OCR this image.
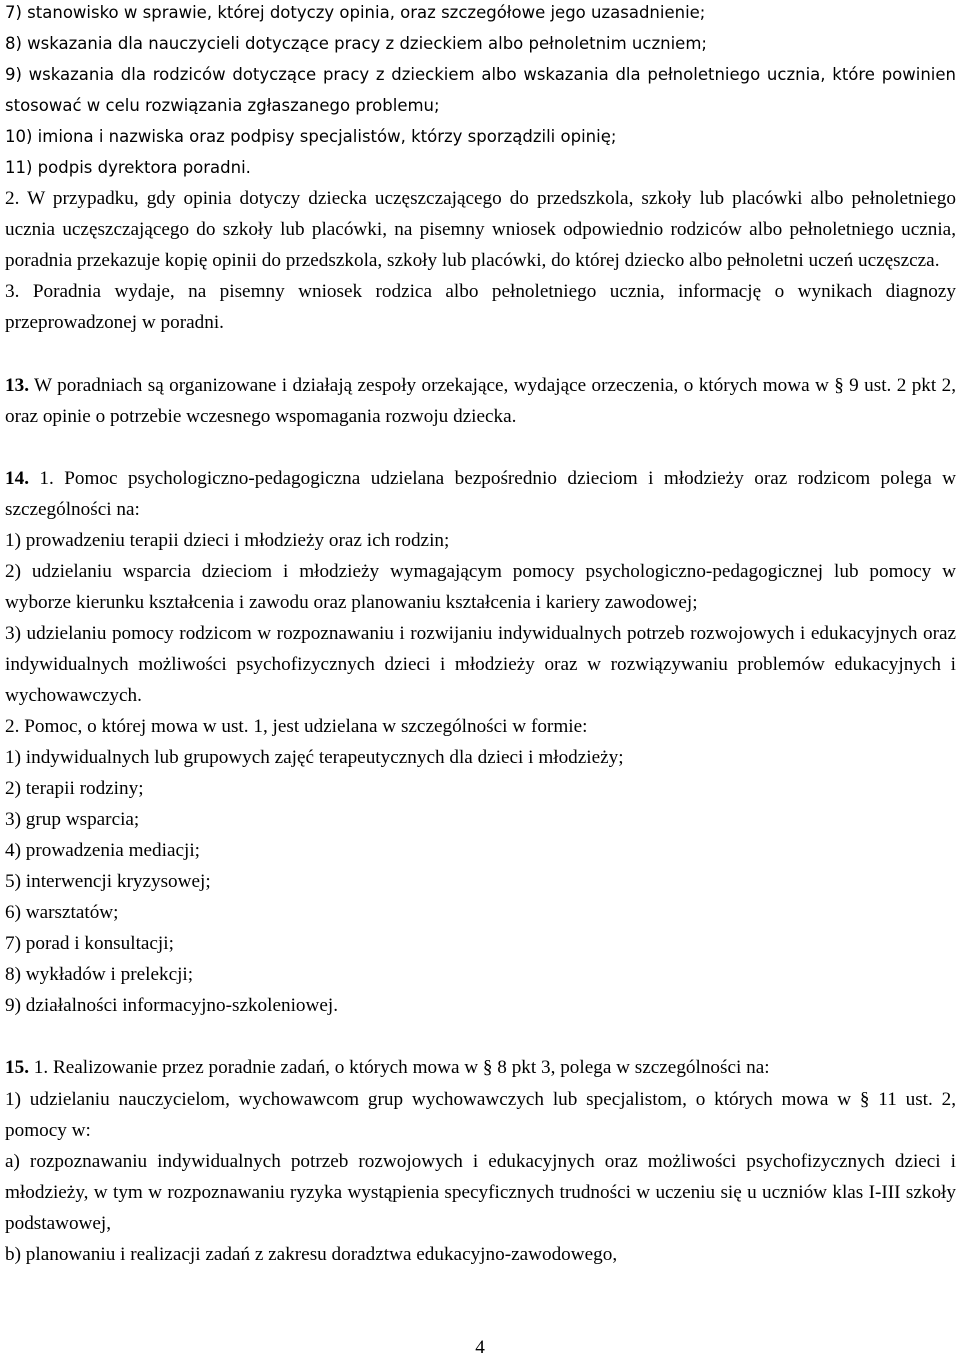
7) stanowisko w sprawie, której dotyczy opinia, oraz szczegółowe jego uzasadnienie;

8) wskazania dla nauczycieli dotyczące pracy z dzieckiem albo pełnoletnim uczniem;

9) wskazania dla rodziców dotyczące pracy z dzieckiem albo wskazania dla pełnoletniego ucznia, które powinien stosować w celu rozwiązania zgłaszanego problemu;

10) imiona i nazwiska oraz podpisy specjalistów, którzy sporządzili opinię;

11) podpis dyrektora poradni.

2. W przypadku, gdy opinia dotyczy dziecka uczęszczającego do przedszkola, szkoły lub placówki albo pełnoletniego ucznia uczęszczającego do szkoły lub placówki, na pisemny wniosek odpowiednio rodziców albo pełnoletniego ucznia, poradnia przekazuje kopię opinii do przedszkola, szkoły lub placówki, do której dziecko albo pełnoletni uczeń uczęszcza.

3. Poradnia wydaje, na pisemny wniosek rodzica albo pełnoletniego ucznia, informację o wynikach diagnozy przeprowadzonej w poradni.

13. W poradniach są organizowane i działają zespoły orzekające, wydające orzeczenia, o których mowa w § 9 ust. 2 pkt 2, oraz opinie o potrzebie wczesnego wspomagania rozwoju dziecka.

14. 1. Pomoc psychologiczno-pedagogiczna udzielana bezpośrednio dzieciom i młodzieży oraz rodzicom polega w szczególności na:

1) prowadzeniu terapii dzieci i młodzieży oraz ich rodzin;

2) udzielaniu wsparcia dzieciom i młodzieży wymagającym pomocy psychologiczno-pedagogicznej lub pomocy w wyborze kierunku kształcenia i zawodu oraz planowaniu kształcenia i kariery zawodowej;

3) udzielaniu pomocy rodzicom w rozpoznawaniu i rozwijaniu indywidualnych potrzeb rozwojowych i edukacyjnych oraz indywidualnych możliwości psychofizycznych dzieci i młodzieży oraz w rozwiązywaniu problemów edukacyjnych i wychowawczych.

2. Pomoc, o której mowa w ust. 1, jest udzielana w szczególności w formie:

1) indywidualnych lub grupowych zajęć terapeutycznych dla dzieci i młodzieży;

2) terapii rodziny;

3) grup wsparcia;

4) prowadzenia mediacji;

5) interwencji kryzysowej;

6) warsztatów;

7) porad i konsultacji;

8) wykładów i prelekcji;

9) działalności informacyjno-szkoleniowej.

15. 1. Realizowanie przez poradnie zadań, o których mowa w § 8 pkt 3, polega w szczególności na:

1) udzielaniu nauczycielom, wychowawcom grup wychowawczych lub specjalistom, o których mowa w § 11 ust. 2, pomocy w:

a) rozpoznawaniu indywidualnych potrzeb rozwojowych i edukacyjnych oraz możliwości psychofizycznych dzieci i młodzieży, w tym w rozpoznawaniu ryzyka wystąpienia specyficznych trudności w uczeniu się u uczniów klas I-III szkoły podstawowej,

b) planowaniu i realizacji zadań z zakresu doradztwa edukacyjno-zawodowego,

4
